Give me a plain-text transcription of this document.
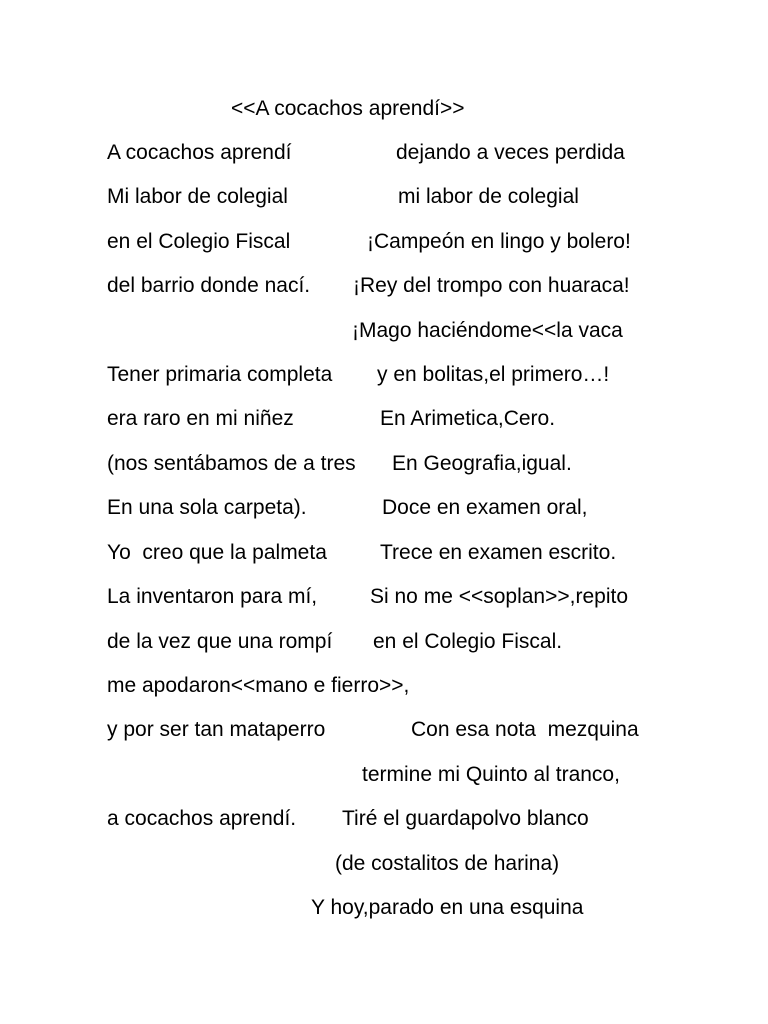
<<A cocachos aprendí>>
A cocachos aprendí	dejando a veces perdida
Mi labor de colegial	mi labor de colegial
en el Colegio Fiscal	¡Campeón en lingo y bolero!
del barrio donde nací. ¡Rey del trompo con huaraca!
¡Mago haciéndome<<la vaca
Tener primaria completa y en bolitas,el primero…!
era raro en mi niñez	En Arimetica,Cero.
(nos sentábamos de a tres En Geografia,igual.
En una sola carpeta).	Doce en examen oral,
Yo  creo que la palmeta	Trece en examen escrito.
La inventaron para mí,	Si no me <<soplan>>,repito
de la vez que una rompí en el Colegio Fiscal.
me apodaron<<mano e fierro>>,
y por ser tan mataperro	Con esa nota  mezquina
termine mi Quinto al tranco,
a cocachos aprendí. Tiré el guardapolvo blanco
(de costalitos de harina)
Y hoy,parado en una esquina
